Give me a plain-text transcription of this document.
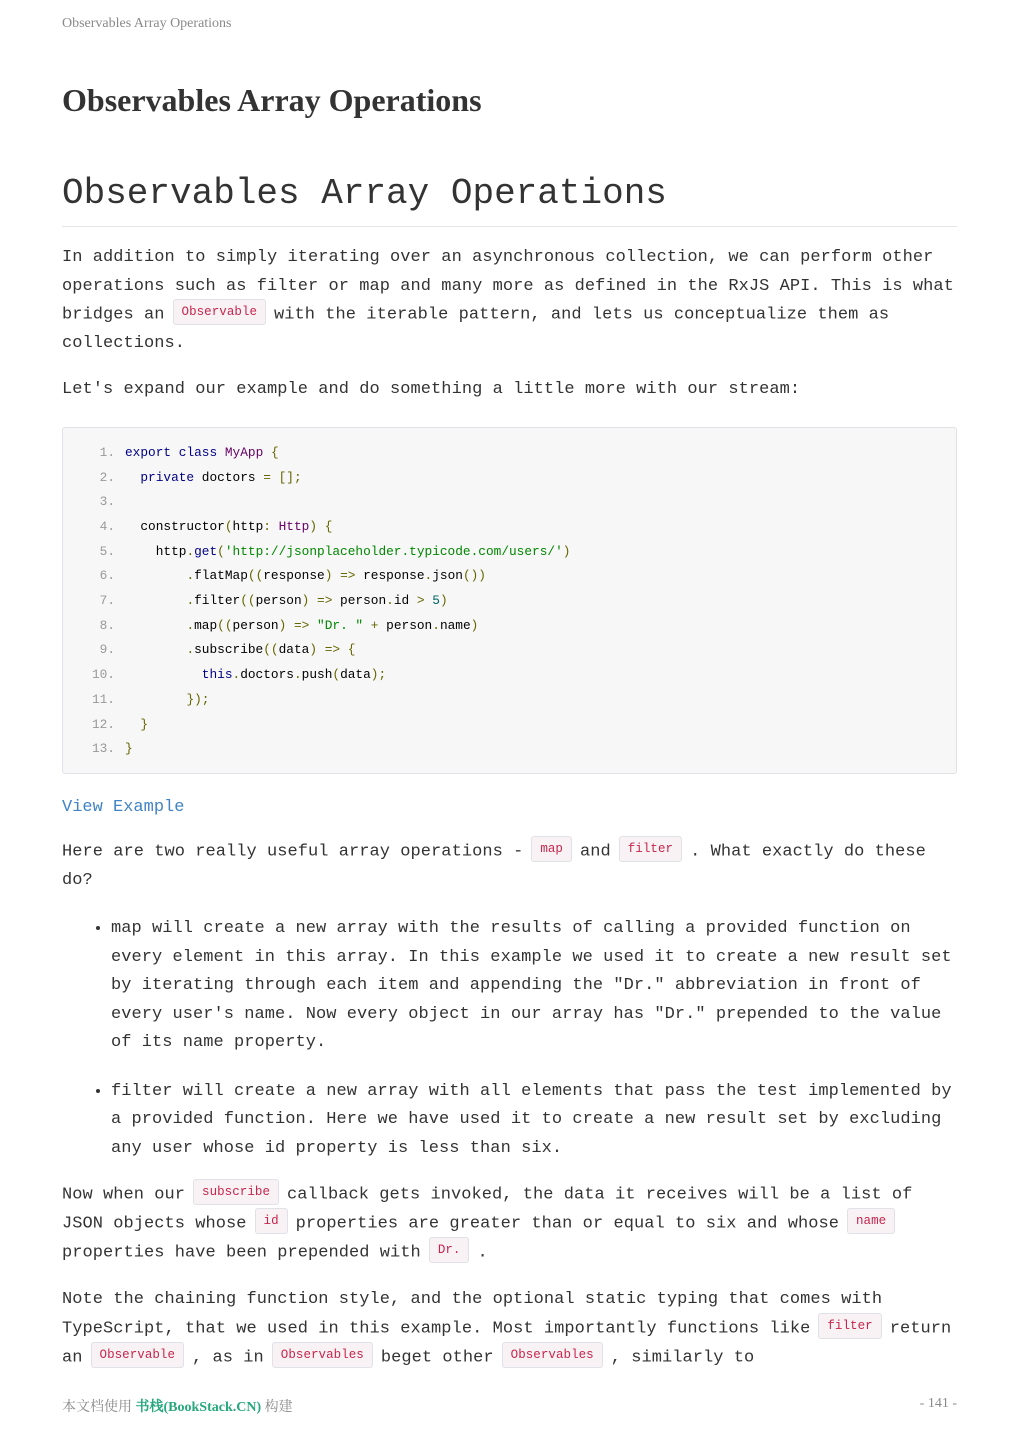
Observables Array Operations
Observables Array Operations
Observables Array Operations

In addition to simply iterating over an asynchronous collection, we can perform other operations such as filter or map and many more as defined in the RxJS API. This is what bridges an Observable with the iterable pattern, and lets us conceptualize them as collections.

Let's expand our example and do something a little more with our stream:

1. export class MyApp {
2.	private doctors = [];
3.
4. constructor(http: Http) {
5. http.get('http://jsonplaceholder.typicode.com/users/')
6.	.flatMap((response) => response.json())
7.	.filter((person) => person.id > 5)
8.	.map((person) => "Dr. " + person.name)
9.	.subscribe((data) => {
10.	this.doctors.push(data);
11.	});
12.	}
13. }
View Example

Here are two really useful array operations - map and filter . What exactly do these do?

• map will create a new array with the results of calling a provided function on every element in this array. In this example we used it to create a new result set by iterating through each item and appending the "Dr." abbreviation in front of every user's name. Now every object in our array has "Dr." prepended to the value of its name property.
• filter will create a new array with all elements that pass the test implemented by a provided function. Here we have used it to create a new result set by excluding any user whose id property is less than six.

Now when our subscribe callback gets invoked, the data it receives will be a list of JSON objects whose id properties are greater than or equal to six and whose nameproperties have been prepended with Dr. .

Note the chaining function style, and the optional static typing that comes with TypeScript, that we used in this example. Most importantly functions like filter return an Observable , as in Observables beget other Observables , similarly to

本文档使用 书栈(BookStack.CN) 构建	- 141 -
